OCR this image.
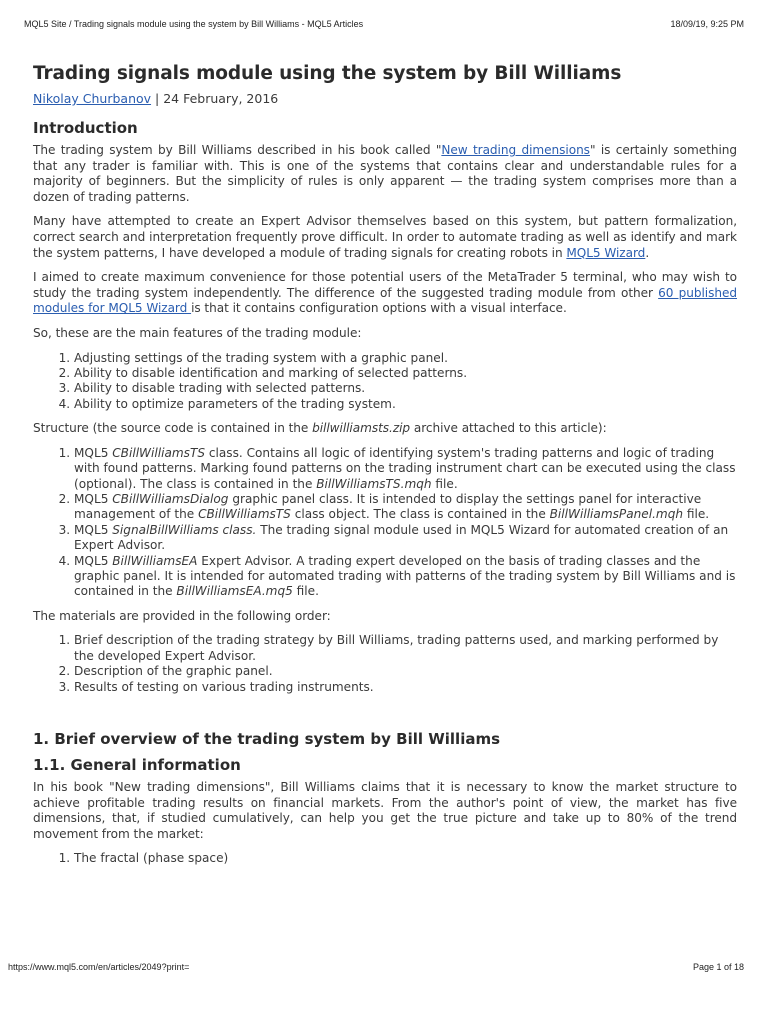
MQL5 Site / Trading signals module using the system by Bill Williams - MQL5 Articles	18/09/19, 9:25 PM
Trading signals module using the system by Bill Williams
Nikolay Churbanov | 24 February, 2016
Introduction

The trading system by Bill Williams described in his book called "New trading dimensions" is certainly something that any trader is familiar with. This is one of the systems that contains clear and understandable rules for a majority of beginners. But the simplicity of rules is only apparent — the trading system comprises more than a dozen of trading patterns.

Many have attempted to create an Expert Advisor themselves based on this system, but pattern formalization, correct search and interpretation frequently prove difficult. In order to automate trading as well as identify and mark the system patterns, I have developed a module of trading signals for creating robots in MQL5 Wizard.

I aimed to create maximum convenience for those potential users of the MetaTrader 5 terminal, who may wish to study the trading system independently. The difference of the suggested trading module from other 60 published modules for MQL5 Wizard is that it contains configuration options with a visual interface.

So, these are the main features of the trading module:

1. Adjusting settings of the trading system with a graphic panel.
2. Ability to disable identification and marking of selected patterns.
3. Ability to disable trading with selected patterns.
4. Ability to optimize parameters of the trading system.

Structure (the source code is contained in the billwilliamsts.zip archive attached to this article):

1. MQL5 CBillWilliamsTS class. Contains all logic of identifying system's trading patterns and logic of trading with found patterns. Marking found patterns on the trading instrument chart can be executed using the class (optional). The class is contained in the BillWilliamsTS.mqh file.
2. MQL5 CBillWilliamsDialog graphic panel class. It is intended to display the settings panel for interactive management of the CBillWilliamsTS class object. The class is contained in the BillWilliamsPanel.mqh file.
3. MQL5 SignalBillWilliams class. The trading signal module used in MQL5 Wizard for automated creation of an Expert Advisor.
4. MQL5 BillWilliamsEA Expert Advisor. A trading expert developed on the basis of trading classes and the graphic panel. It is intended for automated trading with patterns of the trading system by Bill Williams and is contained in the BillWilliamsEA.mq5 file.

The materials are provided in the following order:

1. Brief description of the trading strategy by Bill Williams, trading patterns used, and marking performed by the developed Expert Advisor.
2. Description of the graphic panel.
3. Results of testing on various trading instruments.
1. Brief overview of the trading system by Bill Williams
1.1. General information

In his book "New trading dimensions", Bill Williams claims that it is necessary to know the market structure to achieve profitable trading results on financial markets. From the author's point of view, the market has five dimensions, that, if studied cumulatively, can help you get the true picture and take up to 80% of the trend movement from the market:

1. The fractal (phase space)
https://www.mql5.com/en/articles/2049?print=	Page 1 of 18
